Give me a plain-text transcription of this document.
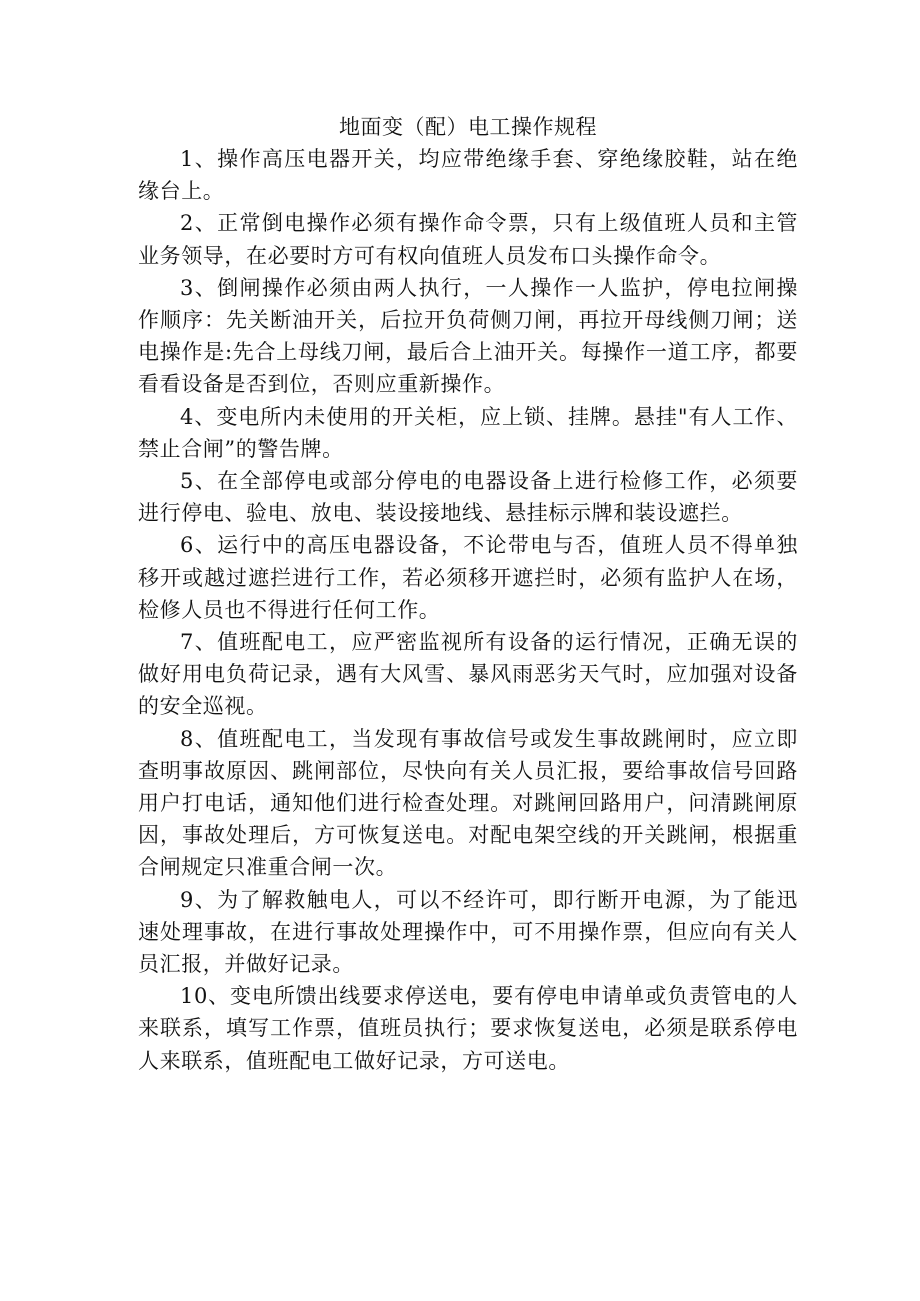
地面变（配）电工操作规程

1、操作高压电器开关，均应带绝缘手套、穿绝缘胶鞋，站在绝缘台上。

2、正常倒电操作必须有操作命令票，只有上级值班人员和主管业务领导，在必要时方可有权向值班人员发布口头操作命令。

3、倒闸操作必须由两人执行，一人操作一人监护，停电拉闸操作顺序：先关断油开关，后拉开负荷侧刀闸，再拉开母线侧刀闸；送电操作是:先合上母线刀闸，最后合上油开关。每操作一道工序，都要看看设备是否到位，否则应重新操作。

4、变电所内未使用的开关柜，应上锁、挂牌。悬挂"有人工作、禁止合闸”的警告牌。

5、在全部停电或部分停电的电器设备上进行检修工作，必须要进行停电、验电、放电、装设接地线、悬挂标示牌和装设遮拦。

6、运行中的高压电器设备，不论带电与否，值班人员不得单独移开或越过遮拦进行工作，若必须移开遮拦时，必须有监护人在场，检修人员也不得进行任何工作。

7、值班配电工，应严密监视所有设备的运行情况，正确无误的做好用电负荷记录，遇有大风雪、暴风雨恶劣天气时，应加强对设备的安全巡视。

8、值班配电工，当发现有事故信号或发生事故跳闸时，应立即查明事故原因、跳闸部位，尽快向有关人员汇报，要给事故信号回路用户打电话，通知他们进行检查处理。对跳闸回路用户，问清跳闸原因，事故处理后，方可恢复送电。对配电架空线的开关跳闸，根据重合闸规定只准重合闸一次。

9、为了解救触电人，可以不经许可，即行断开电源，为了能迅速处理事故，在进行事故处理操作中，可不用操作票，但应向有关人员汇报，并做好记录。

10、变电所馈出线要求停送电，要有停电申请单或负责管电的人来联系，填写工作票，值班员执行；要求恢复送电，必须是联系停电人来联系，值班配电工做好记录，方可送电。
